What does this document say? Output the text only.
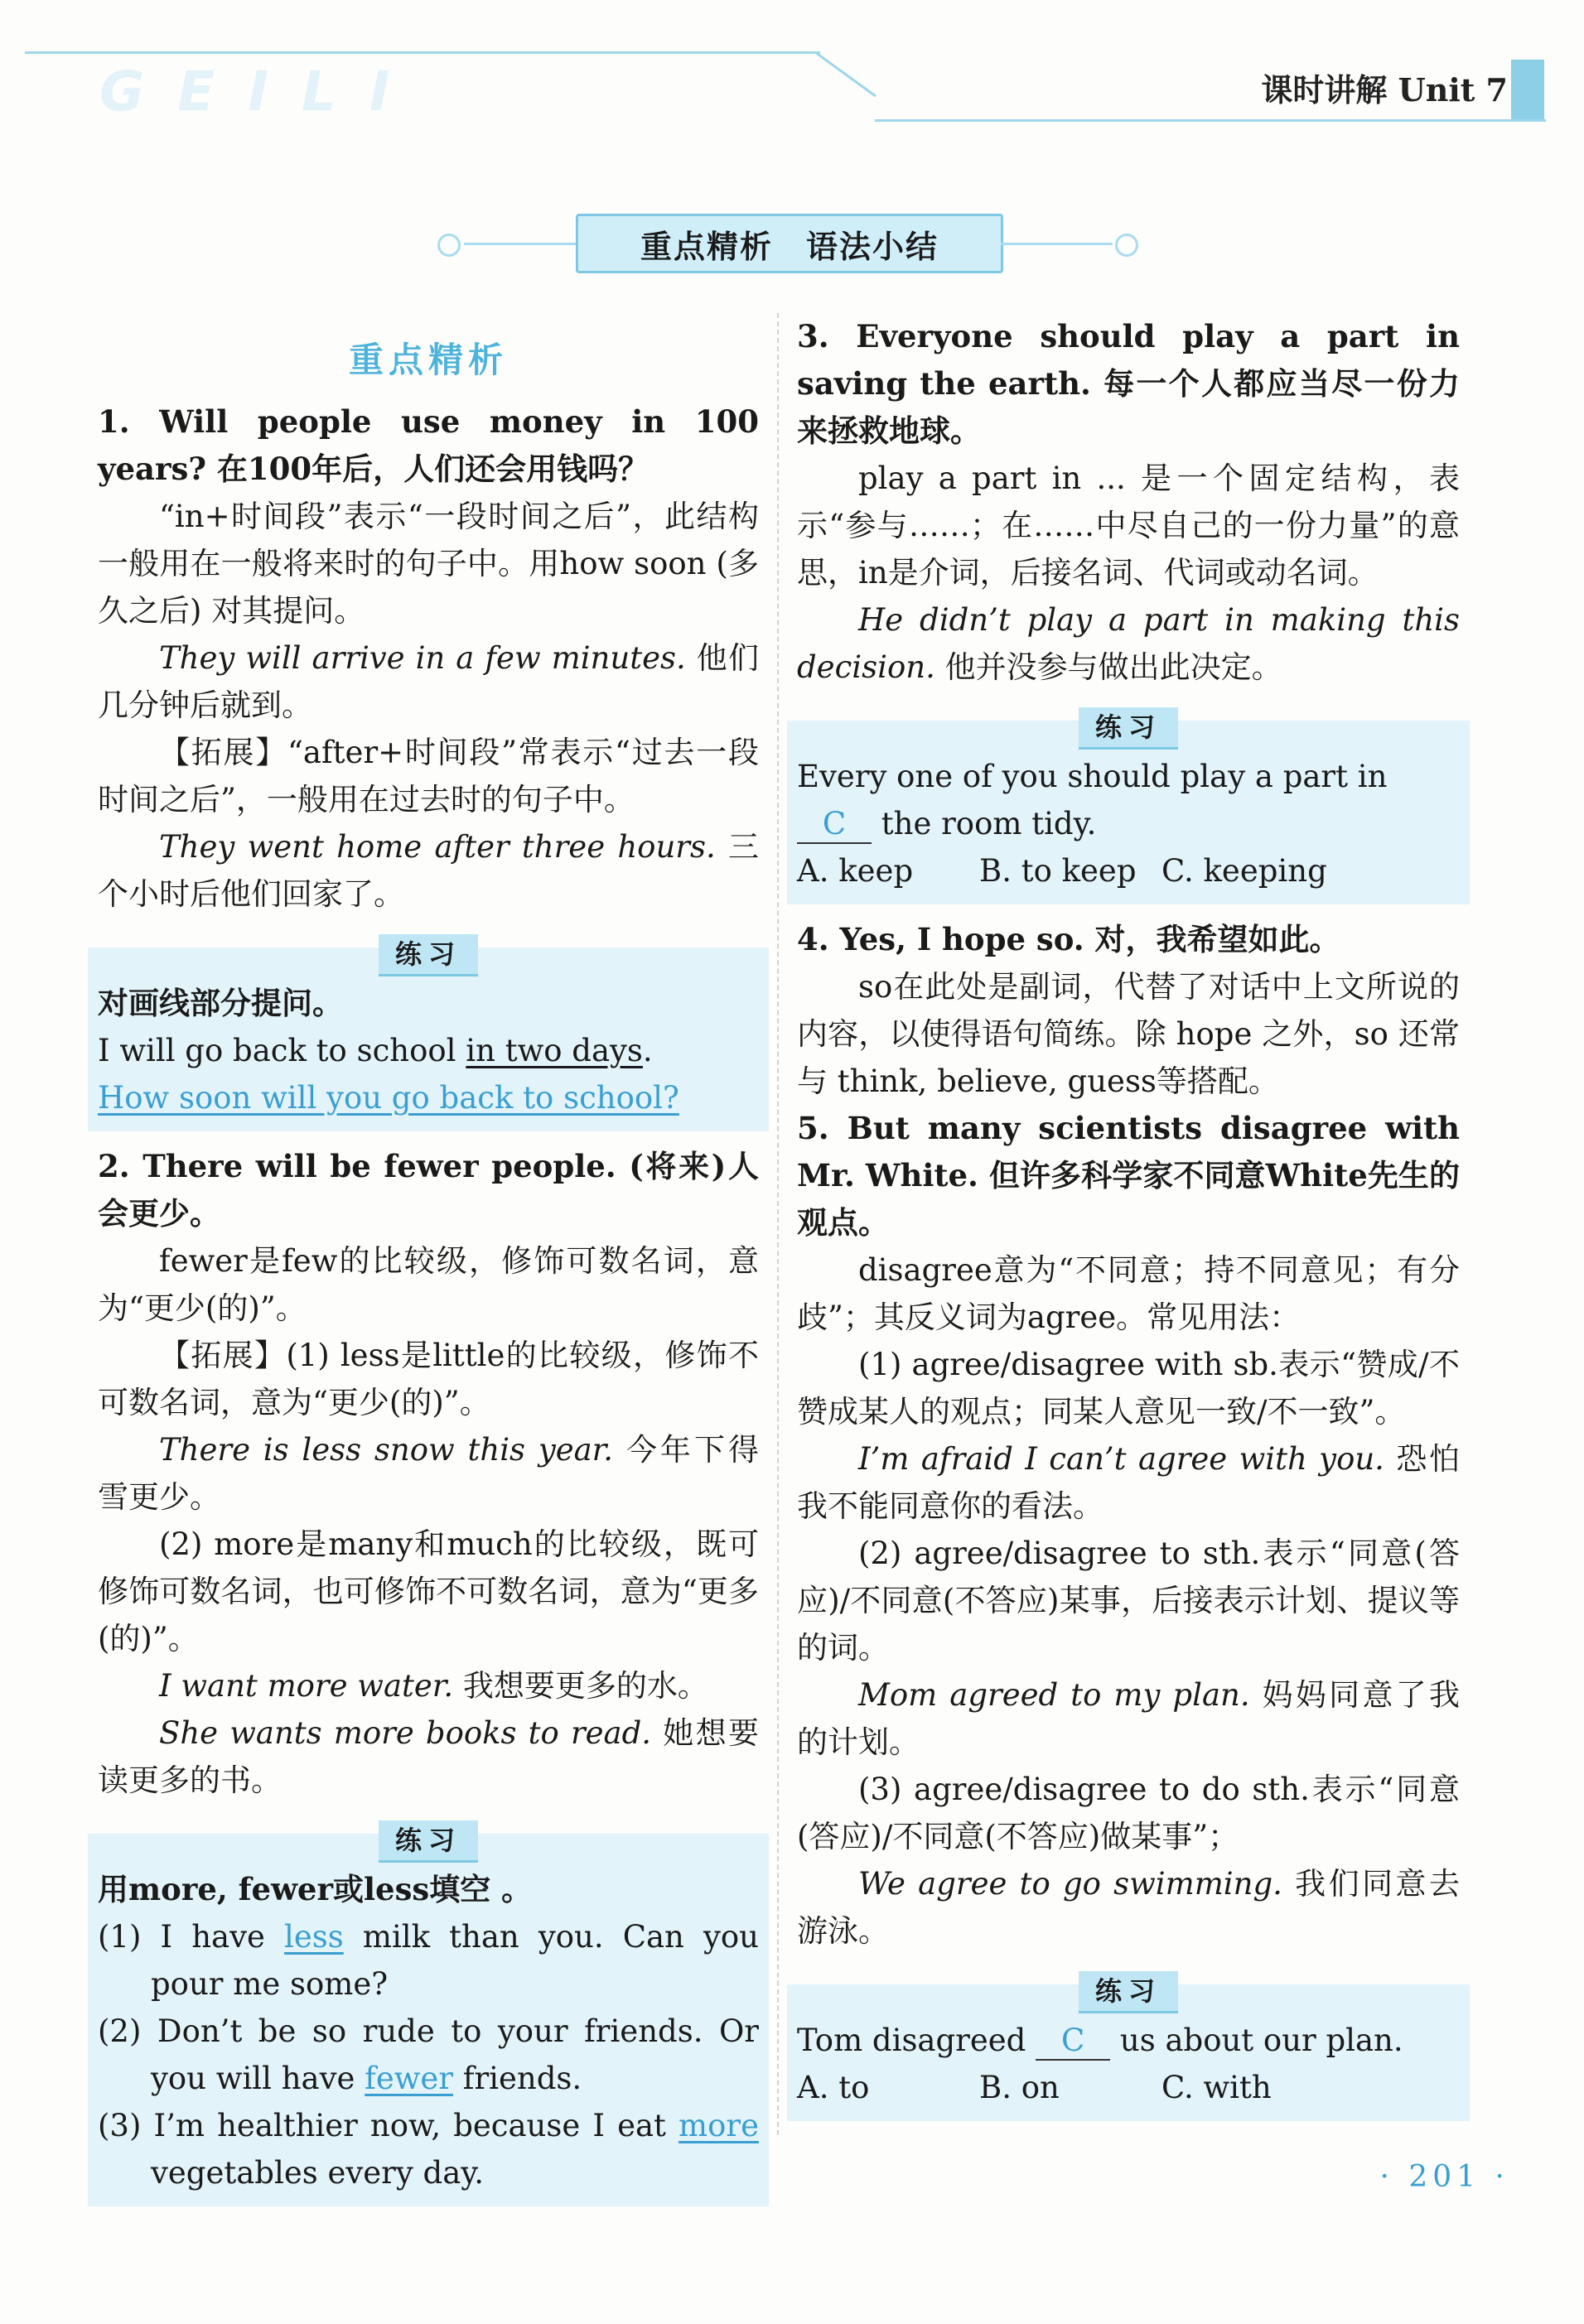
GEILI	课时讲解 Unit 7
重点精析　语法小结

重点精析

1. Will people use money in 100 years? 在100年后，人们还会用钱吗？

“in+时间段”表示“一段时间之后”，此结构一般用在一般将来时的句子中。用how soon (多久之后) 对其提问。

They will arrive in a few minutes. 他们几分钟后就到。

【拓展】“after+时间段”常表示“过去一段时间之后”，一般用在过去时的句子中。

They went home after three hours. 三个小时后他们回家了。

练习

对画线部分提问。

I will go back to school in two days.

How soon will you go back to school?

2. There will be fewer people. (将来)人会更少。

fewer是few的比较级，修饰可数名词，意为“更少(的)”。

【拓展】(1) less是little的比较级，修饰不可数名词，意为“更少(的)”。

There is less snow this year. 今年下得雪更少。

(2) more是many和much的比较级，既可修饰可数名词，也可修饰不可数名词，意为“更多(的)”。

I want more water. 我想要更多的水。

She wants more books to read. 她想要读更多的书。

练习

用more, fewer或less填空 。

(1) I have less milk than you. Can you pour me some?

(2) Don’t be so rude to your friends. Or you will have fewer friends.

(3) I’m healthier now, because I eat more vegetables every day.

3. Everyone should play a part in saving the earth. 每一个人都应当尽一份力来拯救地球。

play a part in ... 是一个固定结构，表示“参与……；在……中尽自己的一份力量”的意思，in是介词，后接名词、代词或动名词。

He didn’t play a part in making this decision. 他并没参与做出此决定。

练习

Every one of you should play a part in C the room tidy.

A. keep B. to keep C. keeping

4. Yes, I hope so. 对，我希望如此。

so在此处是副词，代替了对话中上文所说的内容，以使得语句简练。除 hope 之外，so 还常与 think, believe, guess等搭配。

5. But many scientists disagree with Mr. White. 但许多科学家不同意White先生的观点。

disagree意为“不同意；持不同意见；有分歧”；其反义词为agree。常见用法：

(1) agree/disagree with sb.表示“赞成/不赞成某人的观点；同某人意见一致/不一致”。

I’m afraid I can’t agree with you. 恐怕我不能同意你的看法。

(2) agree/disagree to sth.表示“同意(答应)/不同意(不答应)某事，后接表示计划、提议等的词。

Mom agreed to my plan. 妈妈同意了我的计划。

(3) agree/disagree to do sth.表示“同意(答应)/不同意(不答应)做某事”；

We agree to go swimming. 我们同意去游泳。

练习

Tom disagreed C us about our plan.

A. to	B. on	C. with

· 201 ·
